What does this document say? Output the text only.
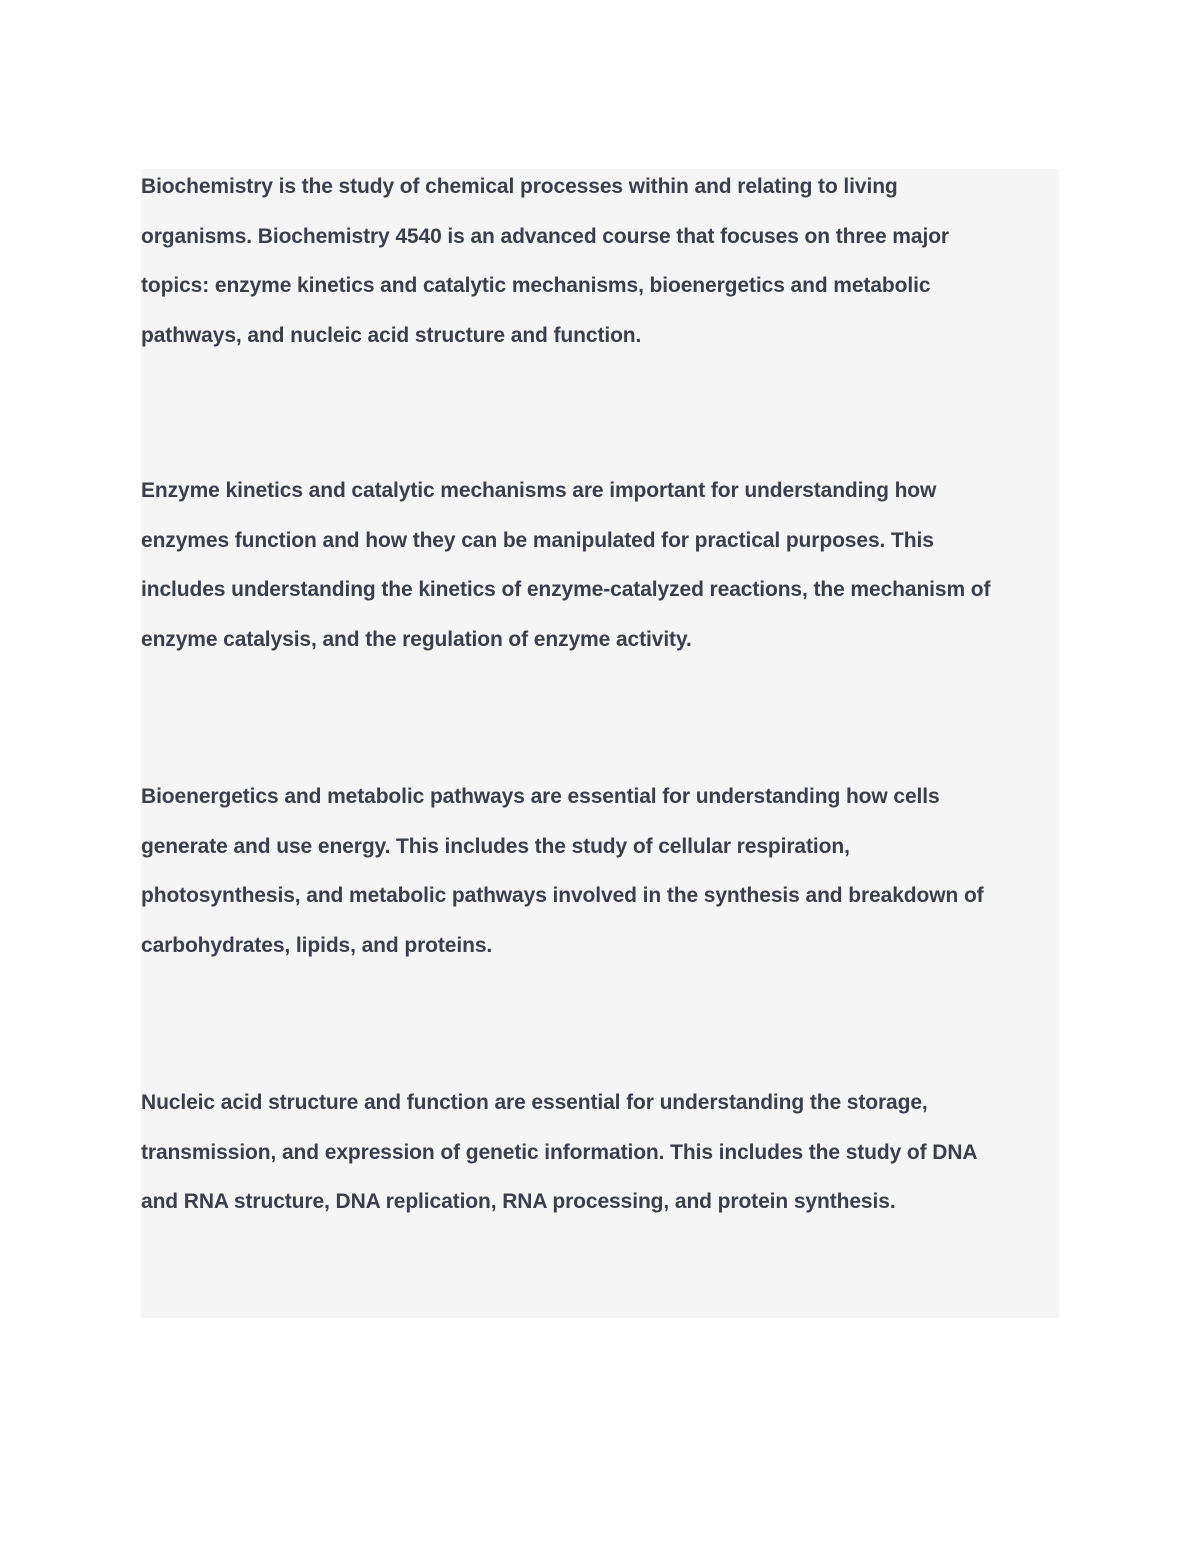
Biochemistry is the study of chemical processes within and relating to living
organisms. Biochemistry 4540 is an advanced course that focuses on three major
topics: enzyme kinetics and catalytic mechanisms, bioenergetics and metabolic
pathways, and nucleic acid structure and function.

Enzyme kinetics and catalytic mechanisms are important for understanding how
enzymes function and how they can be manipulated for practical purposes. This
includes understanding the kinetics of enzyme-catalyzed reactions, the mechanism of
enzyme catalysis, and the regulation of enzyme activity.

Bioenergetics and metabolic pathways are essential for understanding how cells
generate and use energy. This includes the study of cellular respiration,
photosynthesis, and metabolic pathways involved in the synthesis and breakdown of
carbohydrates, lipids, and proteins.

Nucleic acid structure and function are essential for understanding the storage,
transmission, and expression of genetic information. This includes the study of DNA
and RNA structure, DNA replication, RNA processing, and protein synthesis.
